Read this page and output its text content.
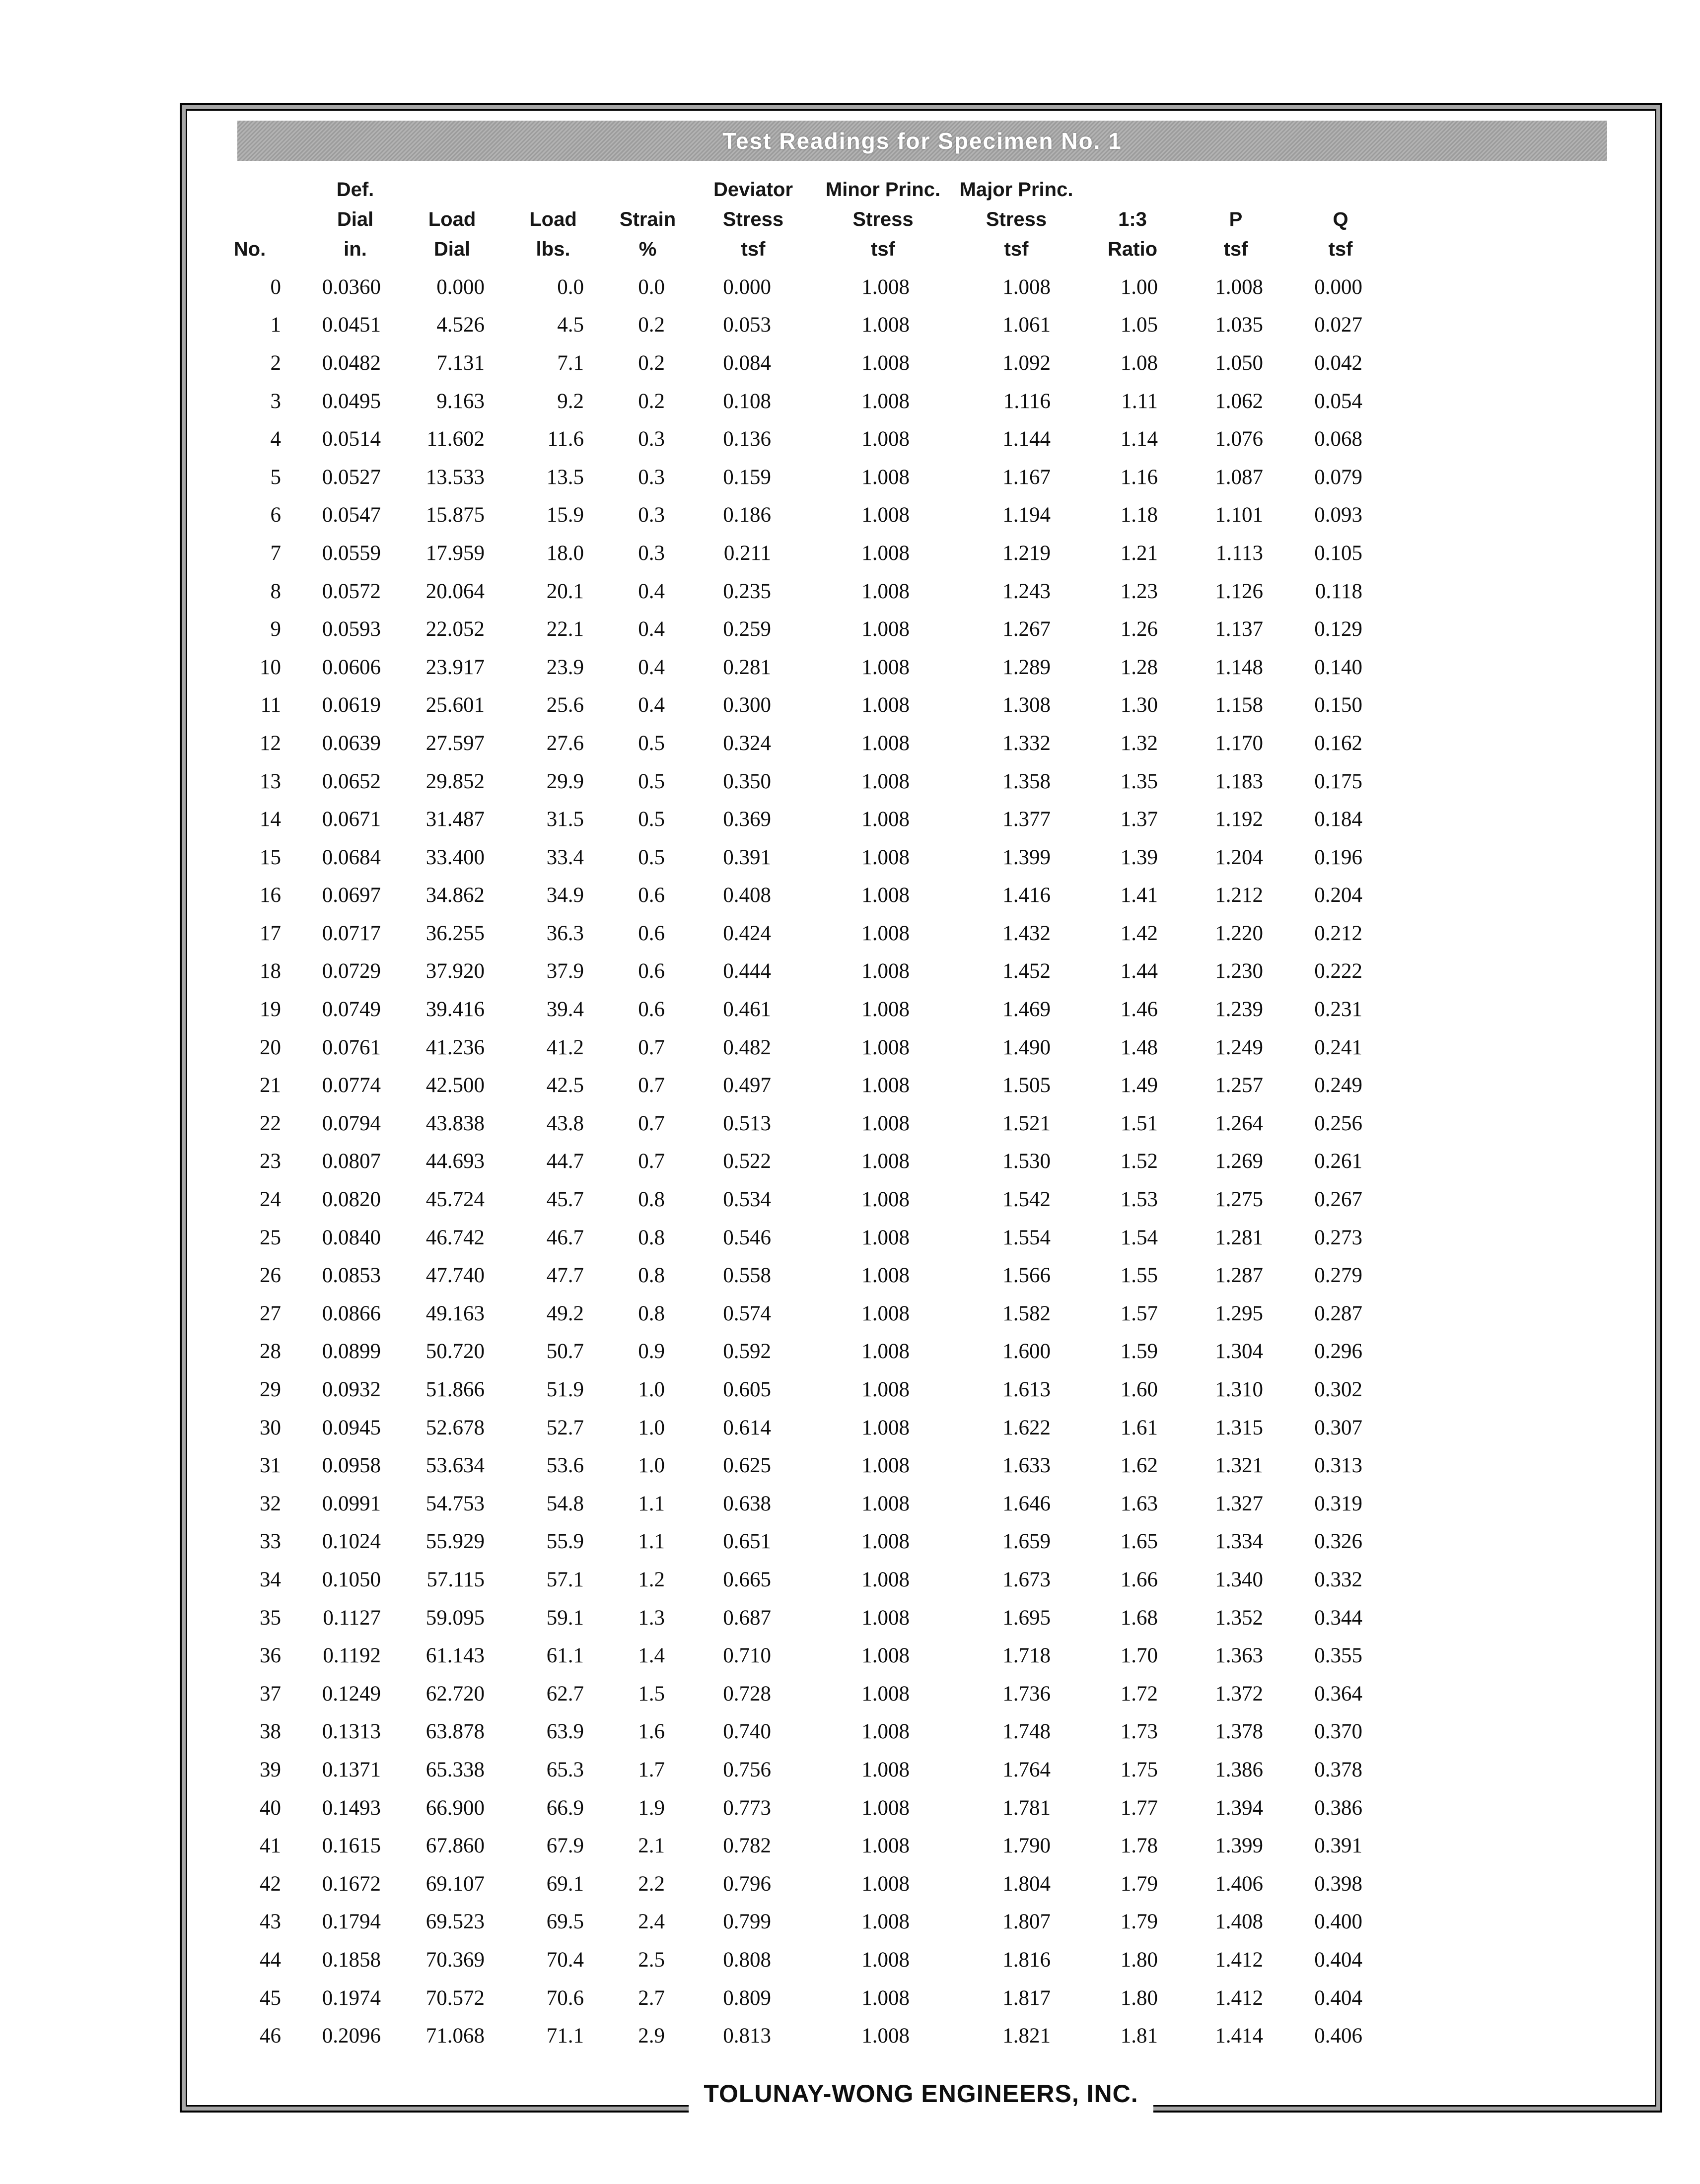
Test Readings for Specimen No. 1
	Def.				Deviator	Minor Princ.	Major Princ.			
	Dial	Load	Load	Strain	Stress	Stress	Stress	1:3	P	Q
No.	in.	Dial	lbs.	%	tsf	tsf	tsf	Ratio	tsf	tsf

0	0.0360	0.000	0.0	0.0	0.000	1.008	1.008	1.00	1.008	0.000
1	0.0451	4.526	4.5	0.2	0.053	1.008	1.061	1.05	1.035	0.027
2	0.0482	7.131	7.1	0.2	0.084	1.008	1.092	1.08	1.050	0.042
3	0.0495	9.163	9.2	0.2	0.108	1.008	1.116	1.11	1.062	0.054
4	0.0514	11.602	11.6	0.3	0.136	1.008	1.144	1.14	1.076	0.068
5	0.0527	13.533	13.5	0.3	0.159	1.008	1.167	1.16	1.087	0.079
6	0.0547	15.875	15.9	0.3	0.186	1.008	1.194	1.18	1.101	0.093
7	0.0559	17.959	18.0	0.3	0.211	1.008	1.219	1.21	1.113	0.105
8	0.0572	20.064	20.1	0.4	0.235	1.008	1.243	1.23	1.126	0.118
9	0.0593	22.052	22.1	0.4	0.259	1.008	1.267	1.26	1.137	0.129
10	0.0606	23.917	23.9	0.4	0.281	1.008	1.289	1.28	1.148	0.140
11	0.0619	25.601	25.6	0.4	0.300	1.008	1.308	1.30	1.158	0.150
12	0.0639	27.597	27.6	0.5	0.324	1.008	1.332	1.32	1.170	0.162
13	0.0652	29.852	29.9	0.5	0.350	1.008	1.358	1.35	1.183	0.175
14	0.0671	31.487	31.5	0.5	0.369	1.008	1.377	1.37	1.192	0.184
15	0.0684	33.400	33.4	0.5	0.391	1.008	1.399	1.39	1.204	0.196
16	0.0697	34.862	34.9	0.6	0.408	1.008	1.416	1.41	1.212	0.204
17	0.0717	36.255	36.3	0.6	0.424	1.008	1.432	1.42	1.220	0.212
18	0.0729	37.920	37.9	0.6	0.444	1.008	1.452	1.44	1.230	0.222
19	0.0749	39.416	39.4	0.6	0.461	1.008	1.469	1.46	1.239	0.231
20	0.0761	41.236	41.2	0.7	0.482	1.008	1.490	1.48	1.249	0.241
21	0.0774	42.500	42.5	0.7	0.497	1.008	1.505	1.49	1.257	0.249
22	0.0794	43.838	43.8	0.7	0.513	1.008	1.521	1.51	1.264	0.256
23	0.0807	44.693	44.7	0.7	0.522	1.008	1.530	1.52	1.269	0.261
24	0.0820	45.724	45.7	0.8	0.534	1.008	1.542	1.53	1.275	0.267
25	0.0840	46.742	46.7	0.8	0.546	1.008	1.554	1.54	1.281	0.273
26	0.0853	47.740	47.7	0.8	0.558	1.008	1.566	1.55	1.287	0.279
27	0.0866	49.163	49.2	0.8	0.574	1.008	1.582	1.57	1.295	0.287
28	0.0899	50.720	50.7	0.9	0.592	1.008	1.600	1.59	1.304	0.296
29	0.0932	51.866	51.9	1.0	0.605	1.008	1.613	1.60	1.310	0.302
30	0.0945	52.678	52.7	1.0	0.614	1.008	1.622	1.61	1.315	0.307
31	0.0958	53.634	53.6	1.0	0.625	1.008	1.633	1.62	1.321	0.313
32	0.0991	54.753	54.8	1.1	0.638	1.008	1.646	1.63	1.327	0.319
33	0.1024	55.929	55.9	1.1	0.651	1.008	1.659	1.65	1.334	0.326
34	0.1050	57.115	57.1	1.2	0.665	1.008	1.673	1.66	1.340	0.332
35	0.1127	59.095	59.1	1.3	0.687	1.008	1.695	1.68	1.352	0.344
36	0.1192	61.143	61.1	1.4	0.710	1.008	1.718	1.70	1.363	0.355
37	0.1249	62.720	62.7	1.5	0.728	1.008	1.736	1.72	1.372	0.364
38	0.1313	63.878	63.9	1.6	0.740	1.008	1.748	1.73	1.378	0.370
39	0.1371	65.338	65.3	1.7	0.756	1.008	1.764	1.75	1.386	0.378
40	0.1493	66.900	66.9	1.9	0.773	1.008	1.781	1.77	1.394	0.386
41	0.1615	67.860	67.9	2.1	0.782	1.008	1.790	1.78	1.399	0.391
42	0.1672	69.107	69.1	2.2	0.796	1.008	1.804	1.79	1.406	0.398
43	0.1794	69.523	69.5	2.4	0.799	1.008	1.807	1.79	1.408	0.400
44	0.1858	70.369	70.4	2.5	0.808	1.008	1.816	1.80	1.412	0.404
45	0.1974	70.572	70.6	2.7	0.809	1.008	1.817	1.80	1.412	0.404
46	0.2096	71.068	71.1	2.9	0.813	1.008	1.821	1.81	1.414	0.406
TOLUNAY-WONG ENGINEERS, INC.
